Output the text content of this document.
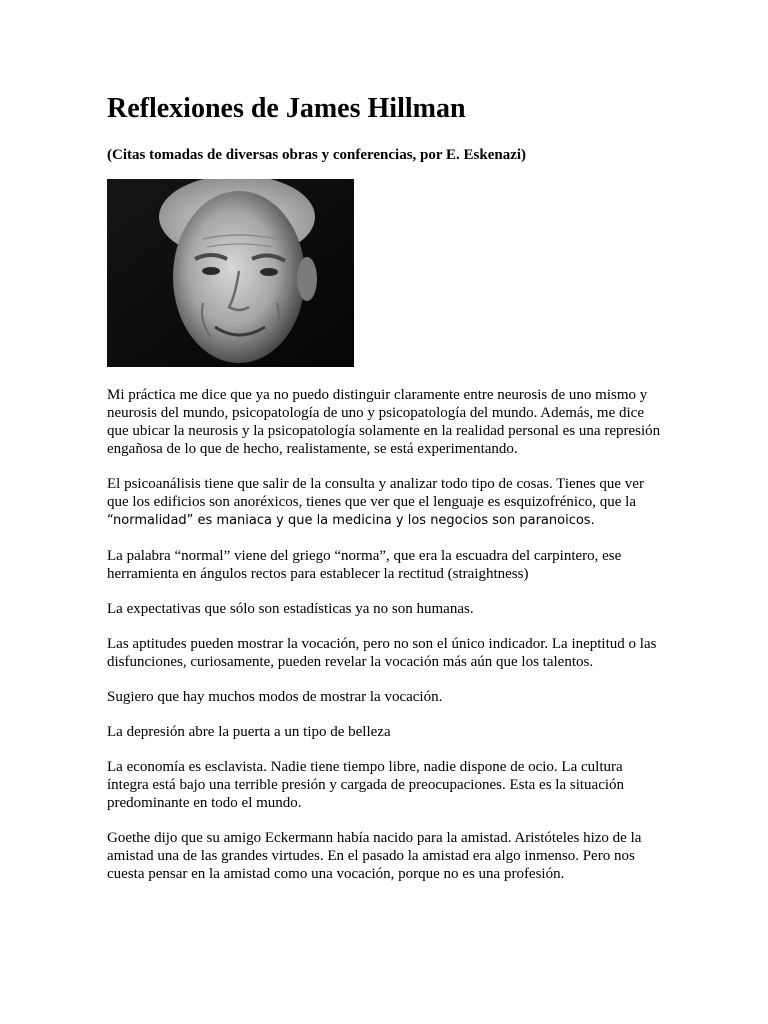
Reflexiones de James Hillman

(Citas tomadas de diversas obras y conferencias, por E. Eskenazi)

Mi práctica me dice que ya no puedo distinguir claramente entre neurosis de uno mismo y neurosis del mundo, psicopatología de uno y psicopatología del mundo. Además, me dice que ubicar la neurosis y la psicopatología solamente en la realidad personal es una represión engañosa de lo que de hecho, realistamente, se está experimentando.

El psicoanálisis tiene que salir de la consulta y analizar todo tipo de cosas. Tienes que ver que los edificios son anoréxicos, tienes que ver que el lenguaje es esquizofrénico, que la “normalidad” es maniaca y que la medicina y los negocios son paranoicos.

La palabra “normal” viene del griego “norma”, que era la escuadra del carpintero, ese herramienta en ángulos rectos para establecer la rectitud (straightness)

La expectativas que sólo son estadísticas ya no son humanas.

Las aptitudes pueden mostrar la vocación, pero no son el único indicador. La ineptitud o las disfunciones, curiosamente, pueden revelar la vocación más aún que los talentos.

Sugiero que hay muchos modos de mostrar la vocación.

La depresión abre la puerta a un tipo de belleza

La economía es esclavista. Nadie tiene tiempo libre, nadie dispone de ocio. La cultura íntegra está bajo una terrible presión y cargada de preocupaciones. Esta es la situación predominante en todo el mundo.

Goethe dijo que su amigo Eckermann había nacido para la amistad. Aristóteles hizo de la amistad una de las grandes virtudes. En el pasado la amistad era algo inmenso. Pero nos cuesta pensar en la amistad como una vocación, porque no es una profesión.
